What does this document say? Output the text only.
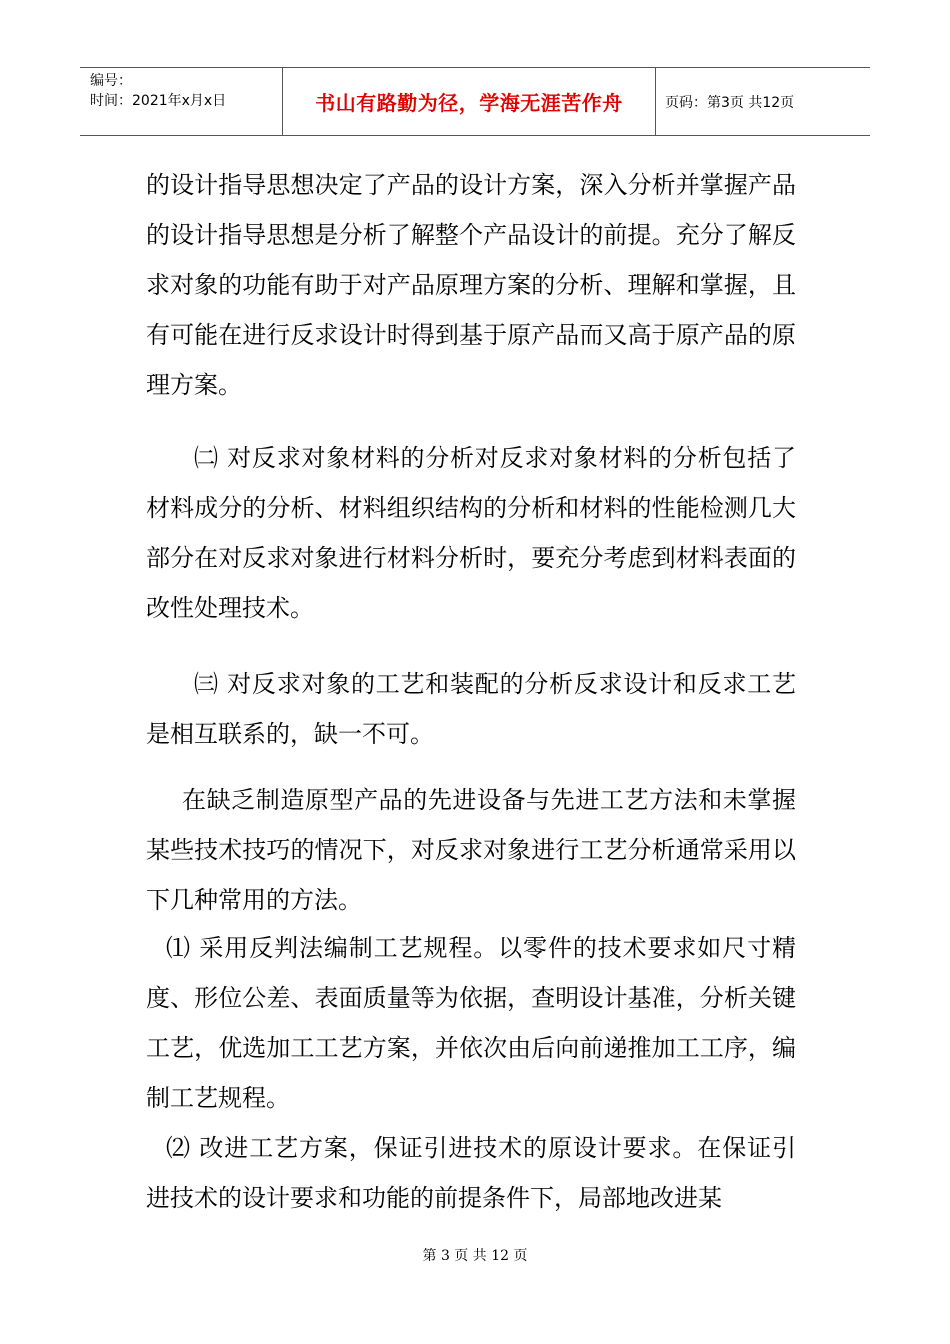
编号：
时间：2021年x月x日	书山有路勤为径，学海无涯苦作舟	页码：第3页 共12页
的设计指导思想决定了产品的设计方案，深入分析并掌握产品的设计指导思想是分析了解整个产品设计的前提。充分了解反求对象的功能有助于对产品原理方案的分析、理解和掌握，且有可能在进行反求设计时得到基于原产品而又高于原产品的原理方案。
㈡ 对反求对象材料的分析对反求对象材料的分析包括了材料成分的分析、材料组织结构的分析和材料的性能检测几大部分在对反求对象进行材料分析时，要充分考虑到材料表面的改性处理技术。
㈢ 对反求对象的工艺和装配的分析反求设计和反求工艺是相互联系的，缺一不可。
在缺乏制造原型产品的先进设备与先进工艺方法和未掌握某些技术技巧的情况下，对反求对象进行工艺分析通常采用以下几种常用的方法。
⑴ 采用反判法编制工艺规程。以零件的技术要求如尺寸精度、形位公差、表面质量等为依据，查明设计基准，分析关键工艺，优选加工工艺方案，并依次由后向前递推加工工序，编制工艺规程。
⑵ 改进工艺方案，保证引进技术的原设计要求。在保证引进技术的设计要求和功能的前提条件下，局部地改进某
第 3 页 共 12 页
